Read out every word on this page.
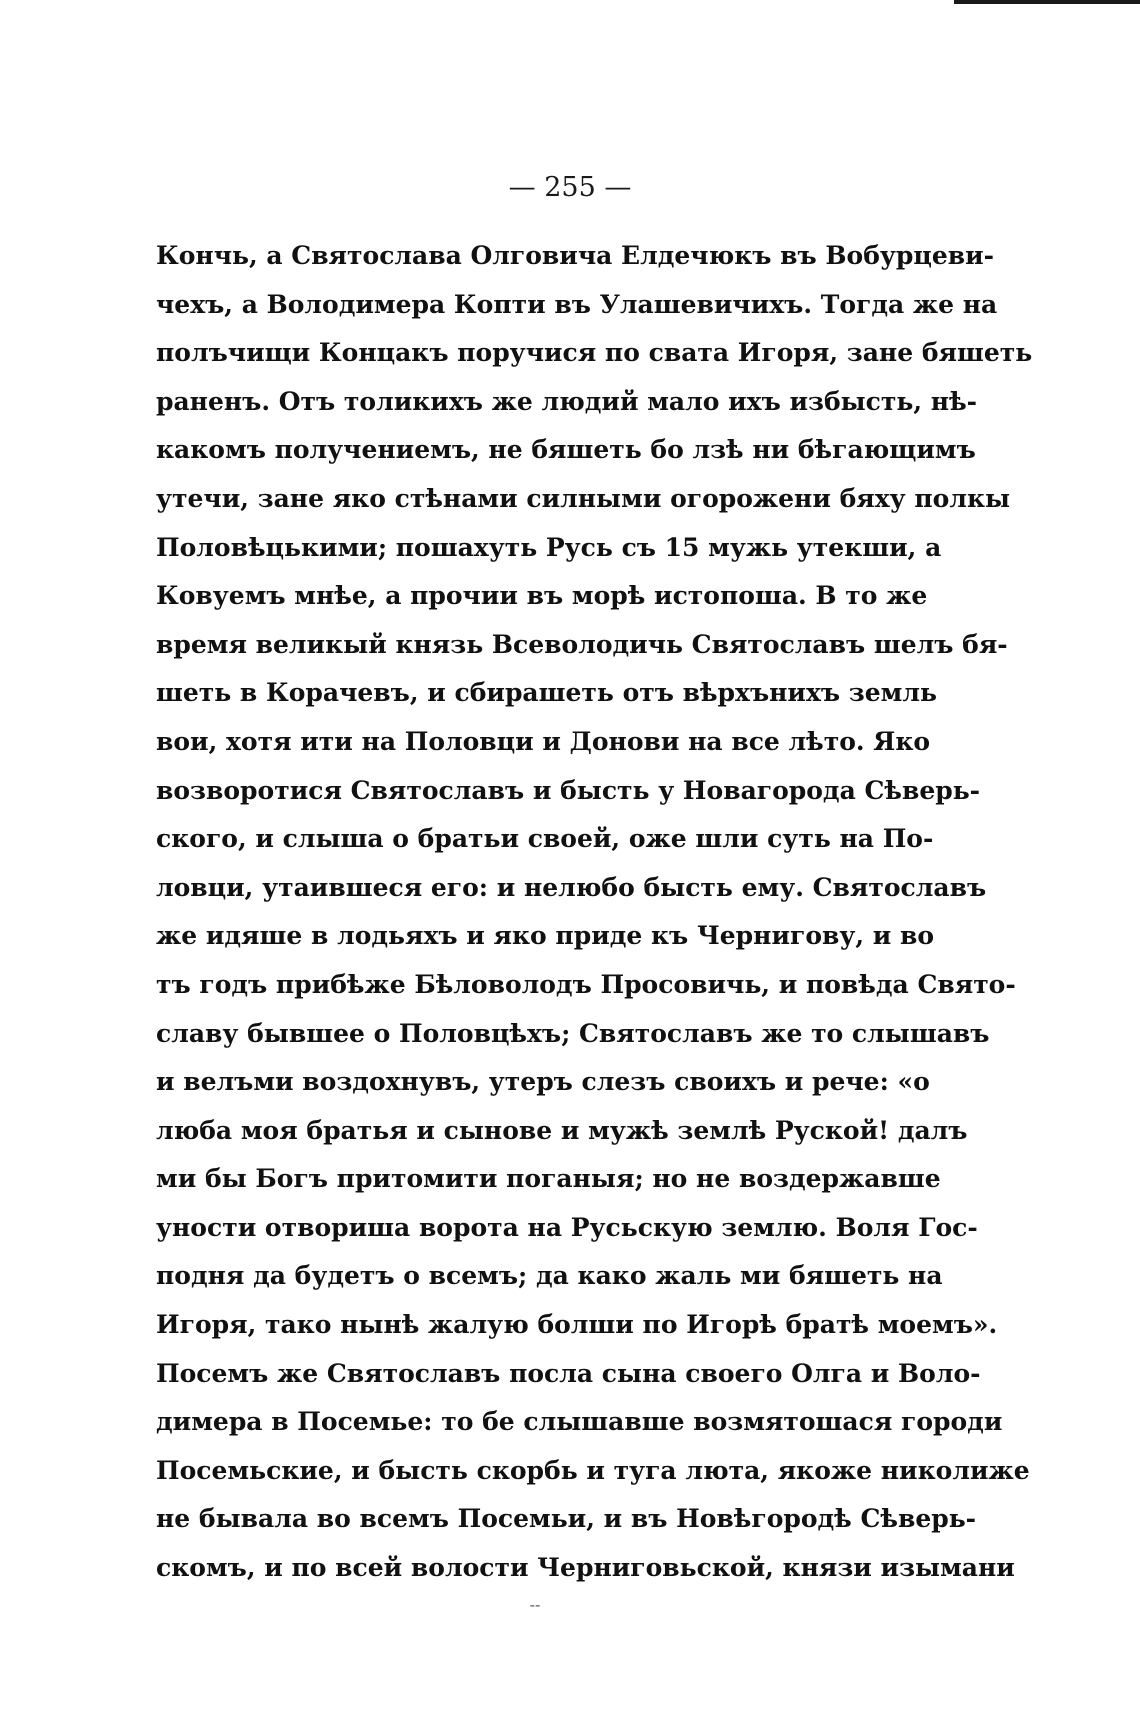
— 255 —
Кончь, а Святослава Олговича Елдечюкъ въ Вобурцеви-
чехъ, а Володимера Копти въ Улашевичихъ. Тогда же на
полъчищи Концакъ поручися по свата Игоря, зане бяшеть
раненъ. Отъ толикихъ же людий мало ихъ избысть, нѣ-
какомъ получениемъ, не бяшеть бо лзѣ ни бѣгающимъ
утечи, зане яко стѣнами силными огорожени бяху полкы
Половѣцькими; пошахуть Русь съ 15 мужь утекши, а
Ковуемъ мнѣе, а прочии въ морѣ истопоша. В то же
время великый князь Всеволодичь Святославъ шелъ бя-
шеть в Корачевъ, и сбирашеть отъ вѣрхънихъ земль
вои, хотя ити на Половци и Донови на все лѣто. Яко
возворотися Святославъ и бысть у Новагорода Сѣверь-
ского, и слыша о братьи своей, оже шли суть на По-
ловци, утаившеся его: и нелюбо бысть ему. Святославъ
же идяше в лодьяхъ и яко приде къ Чернигову, и во
тъ годъ прибѣже Бѣловолодъ Просовичь, и повѣда Свято-
славу бывшее о Половцѣхъ; Святославъ же то слышавъ
и велъми воздохнувъ, утеръ слезъ своихъ и рече: «о
люба моя братья и сынове и мужѣ землѣ Руской! далъ
ми бы Богъ притомити поганыя; но не воздержавше
уности отвориша ворота на Русьскую землю. Воля Гос-
подня да будетъ о всемъ; да како жаль ми бяшеть на
Игоря, тако нынѣ жалую болши по Игорѣ братѣ моемъ».
Посемъ же Святославъ посла сына своего Олга и Воло-
димера в Посемье: то бе слышавше возмятошася городи
Посемьские, и бысть скорбь и туга люта, якоже николиже
не бывала во всемъ Посемьи, и въ Новѣгородѣ Сѣверь-
скомъ, и по всей волости Черниговьской, князи изымани
--
